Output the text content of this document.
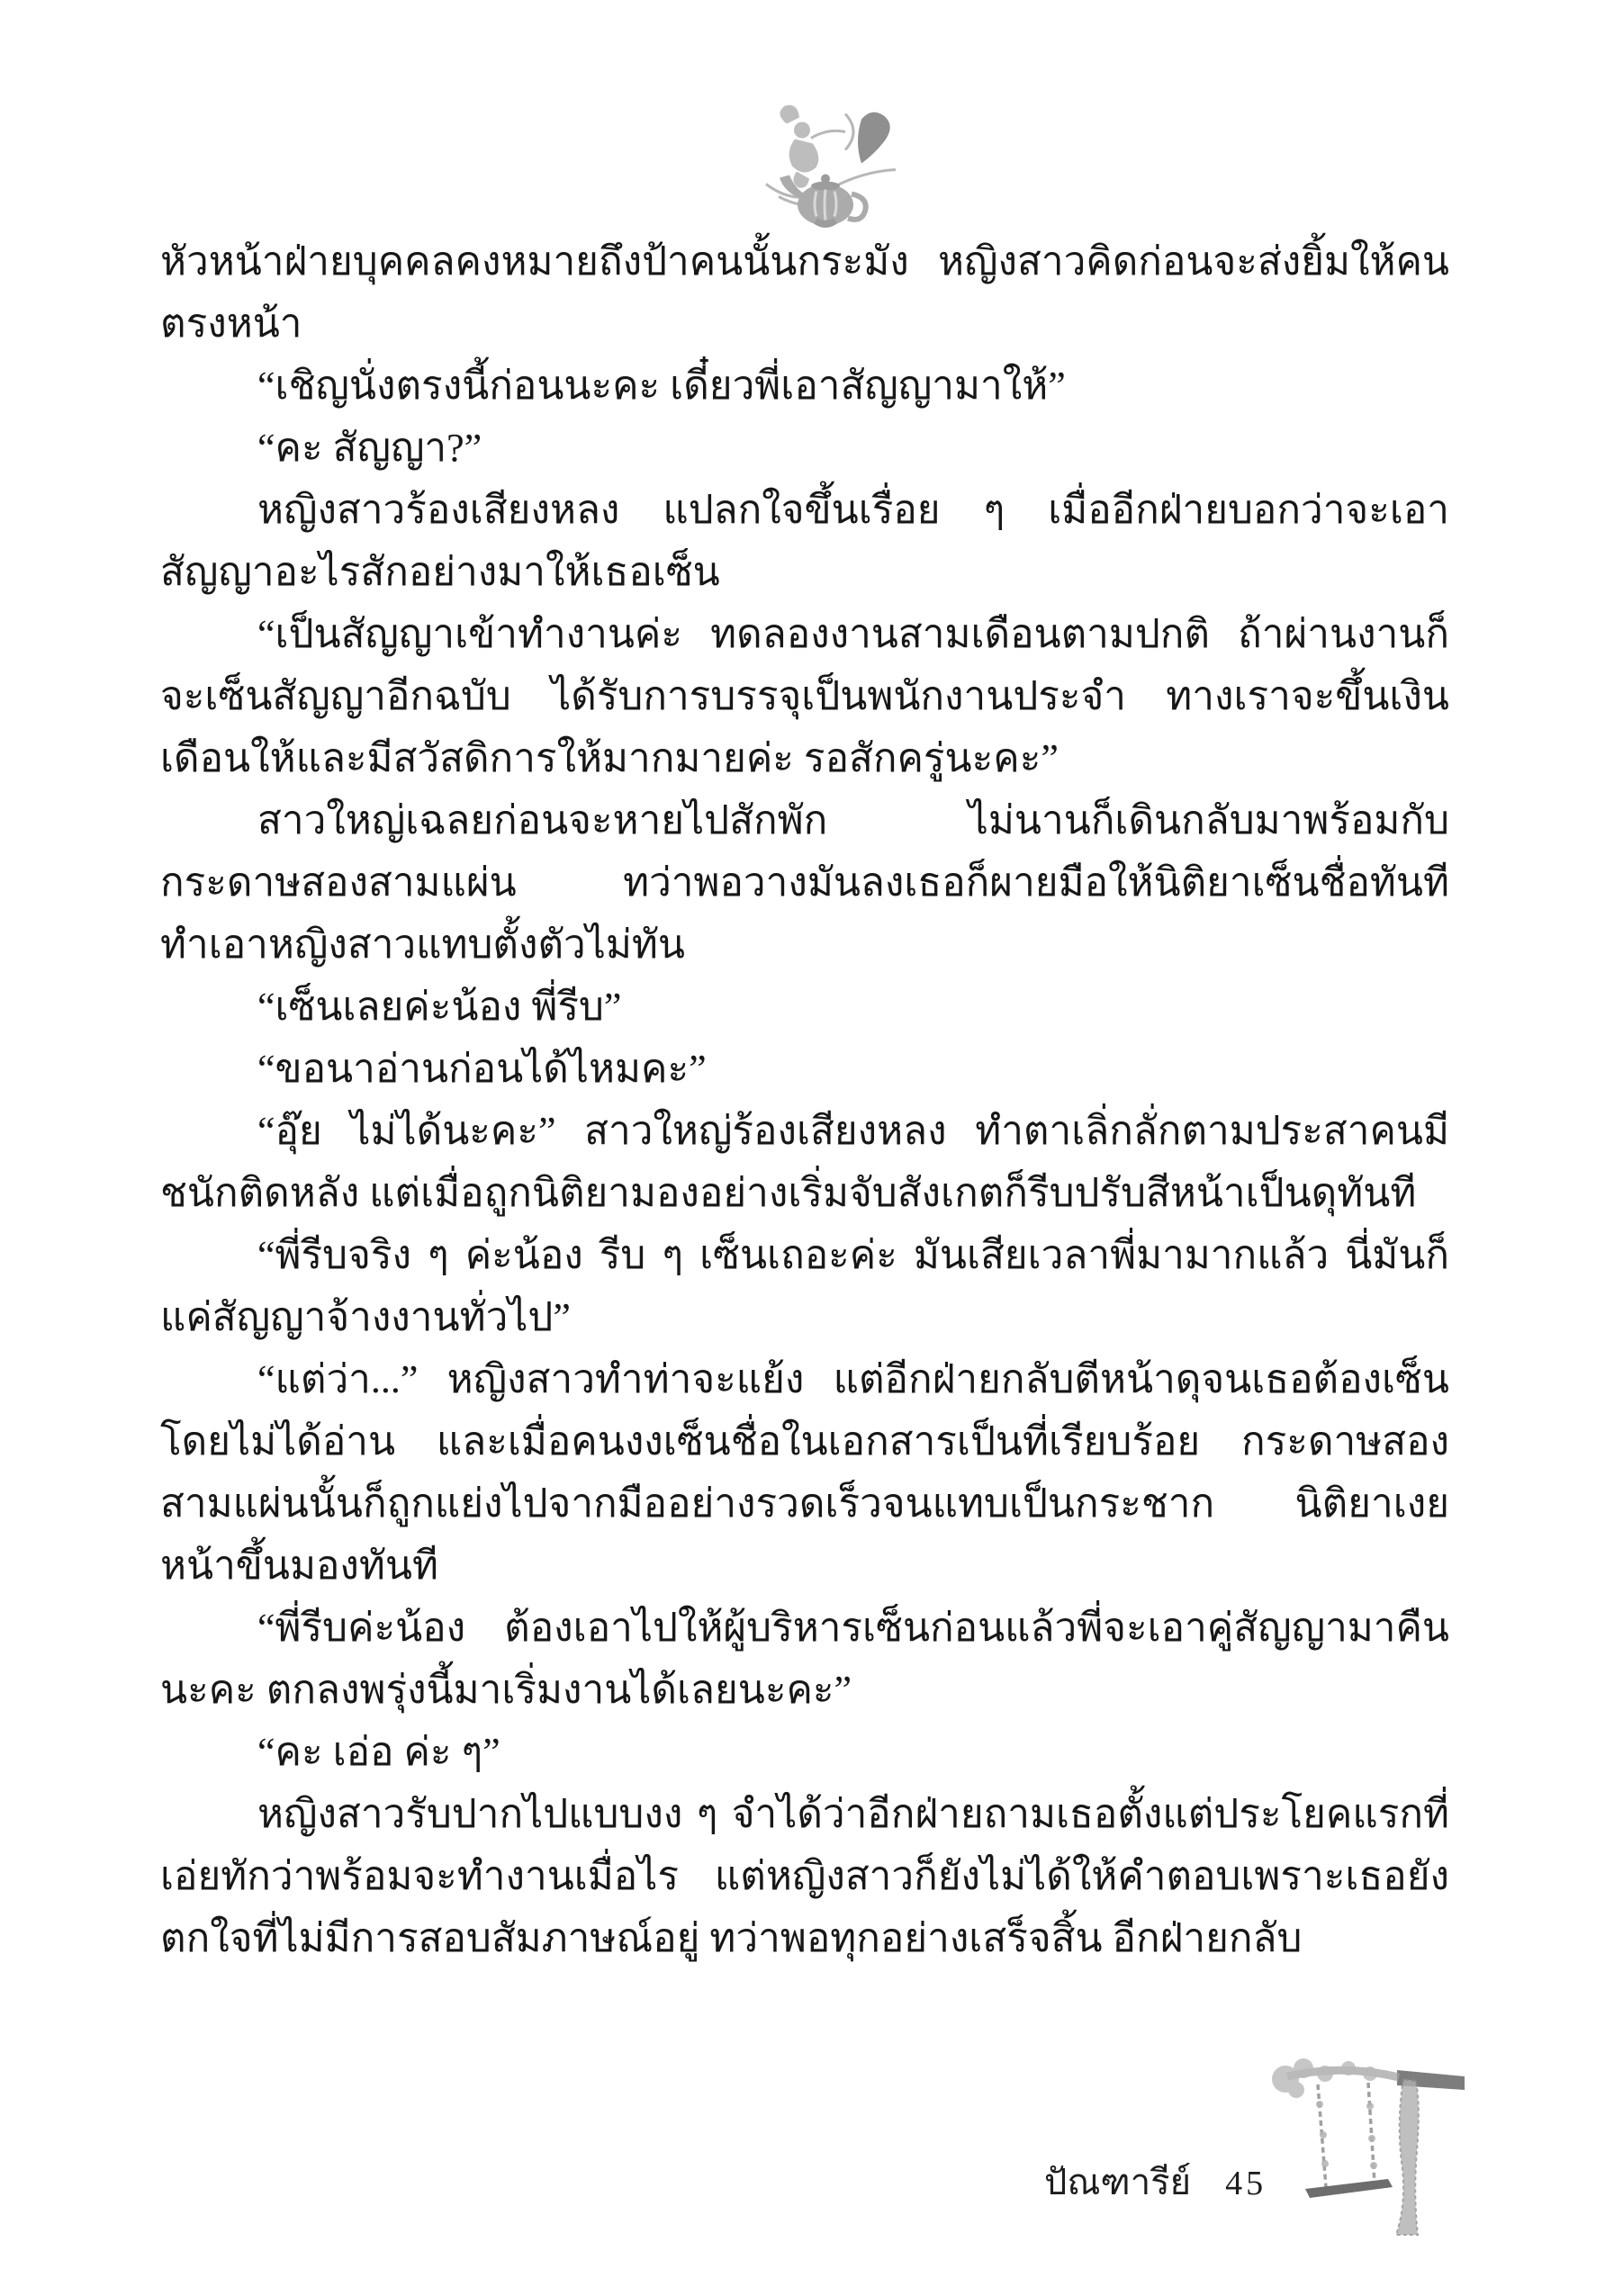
หัวหน้าฝ่ายบุคคลคงหมายถึงป้าคนนั้นกระมัง หญิงสาวคิดก่อนจะส่งยิ้มให้คนตรงหน้า

“เชิญนั่งตรงนี้ก่อนนะคะ เดี๋ยวพี่เอาสัญญามาให้”

“คะ สัญญา?”

หญิงสาวร้องเสียงหลง แปลกใจขึ้นเรื่อย ๆ เมื่ออีกฝ่ายบอกว่าจะเอาสัญญาอะไรสักอย่างมาให้เธอเซ็น

“เป็นสัญญาเข้าทำงานค่ะ ทดลองงานสามเดือนตามปกติ ถ้าผ่านงานก็จะเซ็นสัญญาอีกฉบับ ได้รับการบรรจุเป็นพนักงานประจำ ทางเราจะขึ้นเงินเดือนให้และมีสวัสดิการให้มากมายค่ะ รอสักครู่นะคะ”

สาวใหญ่เฉลยก่อนจะหายไปสักพัก ไม่นานก็เดินกลับมาพร้อมกับกระดาษสองสามแผ่น ทว่าพอวางมันลงเธอก็ผายมือให้นิติยาเซ็นชื่อทันที ทำเอาหญิงสาวแทบตั้งตัวไม่ทัน

“เซ็นเลยค่ะน้อง พี่รีบ”

“ขอนาอ่านก่อนได้ไหมคะ”

“อุ๊ย ไม่ได้นะคะ” สาวใหญ่ร้องเสียงหลง ทำตาเลิ่กลั่กตามประสาคนมีชนักติดหลัง แต่เมื่อถูกนิติยามองอย่างเริ่มจับสังเกตก็รีบปรับสีหน้าเป็นดุทันที

“พี่รีบจริง ๆ ค่ะน้อง รีบ ๆ เซ็นเถอะค่ะ มันเสียเวลาพี่มามากแล้ว นี่มันก็แค่สัญญาจ้างงานทั่วไป”

“แต่ว่า...” หญิงสาวทำท่าจะแย้ง แต่อีกฝ่ายกลับตีหน้าดุจนเธอต้องเซ็นโดยไม่ได้อ่าน และเมื่อคนงงเซ็นชื่อในเอกสารเป็นที่เรียบร้อย กระดาษสองสามแผ่นนั้นก็ถูกแย่งไปจากมืออย่างรวดเร็วจนแทบเป็นกระชาก นิติยาเงยหน้าขึ้นมองทันที

“พี่รีบค่ะน้อง ต้องเอาไปให้ผู้บริหารเซ็นก่อนแล้วพี่จะเอาคู่สัญญามาคืนนะคะ ตกลงพรุ่งนี้มาเริ่มงานได้เลยนะคะ”

“คะ เอ่อ ค่ะ ๆ”

หญิงสาวรับปากไปแบบงง ๆ จำได้ว่าอีกฝ่ายถามเธอตั้งแต่ประโยคแรกที่เอ่ยทักว่าพร้อมจะทำงานเมื่อไร แต่หญิงสาวก็ยังไม่ได้ให้คำตอบเพราะเธอยังตกใจที่ไม่มีการสอบสัมภาษณ์อยู่ ทว่าพอทุกอย่างเสร็จสิ้น อีกฝ่ายกลับ

ปัณฑารีย์ 45
